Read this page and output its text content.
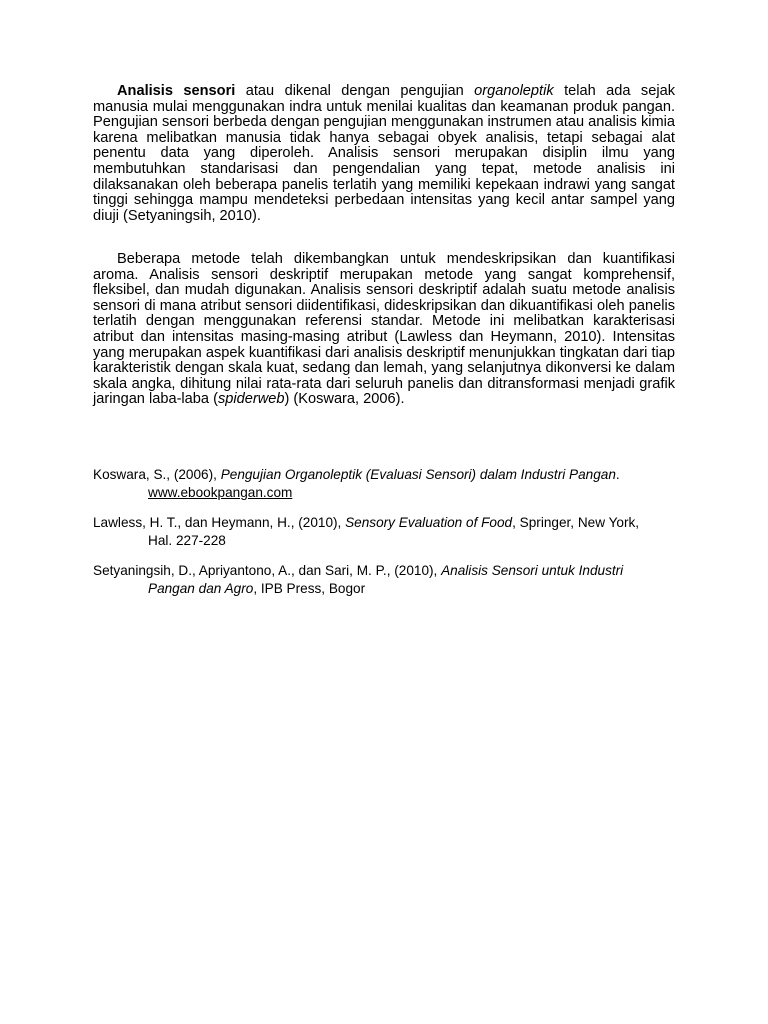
Analisis sensori atau dikenal dengan pengujian organoleptik telah ada sejak manusia mulai menggunakan indra untuk menilai kualitas dan keamanan produk pangan. Pengujian sensori berbeda dengan pengujian menggunakan instrumen atau analisis kimia karena melibatkan manusia tidak hanya sebagai obyek analisis, tetapi sebagai alat penentu data yang diperoleh. Analisis sensori merupakan disiplin ilmu yang membutuhkan standarisasi dan pengendalian yang tepat, metode analisis ini dilaksanakan oleh beberapa panelis terlatih yang memiliki kepekaan indrawi yang sangat tinggi sehingga mampu mendeteksi perbedaan intensitas yang kecil antar sampel yang diuji (Setyaningsih, 2010).

Beberapa metode telah dikembangkan untuk mendeskripsikan dan kuantifikasi aroma. Analisis sensori deskriptif merupakan metode yang sangat komprehensif, fleksibel, dan mudah digunakan. Analisis sensori deskriptif adalah suatu metode analisis sensori di mana atribut sensori diidentifikasi, dideskripsikan dan dikuantifikasi oleh panelis terlatih dengan menggunakan referensi standar. Metode ini melibatkan karakterisasi atribut dan intensitas masing-masing atribut (Lawless dan Heymann, 2010). Intensitas yang merupakan aspek kuantifikasi dari analisis deskriptif menunjukkan tingkatan dari tiap karakteristik dengan skala kuat, sedang dan lemah, yang selanjutnya dikonversi ke dalam skala angka, dihitung nilai rata-rata dari seluruh panelis dan ditransformasi menjadi grafik jaringan laba-laba (spiderweb) (Koswara, 2006).

Koswara, S., (2006), Pengujian Organoleptik (Evaluasi Sensori) dalam Industri Pangan.
www.ebookpangan.com

Lawless, H. T., dan Heymann, H., (2010), Sensory Evaluation of Food, Springer, New York,
Hal. 227-228

Setyaningsih, D., Apriyantono, A., dan Sari, M. P., (2010), Analisis Sensori untuk Industri
Pangan dan Agro, IPB Press, Bogor
